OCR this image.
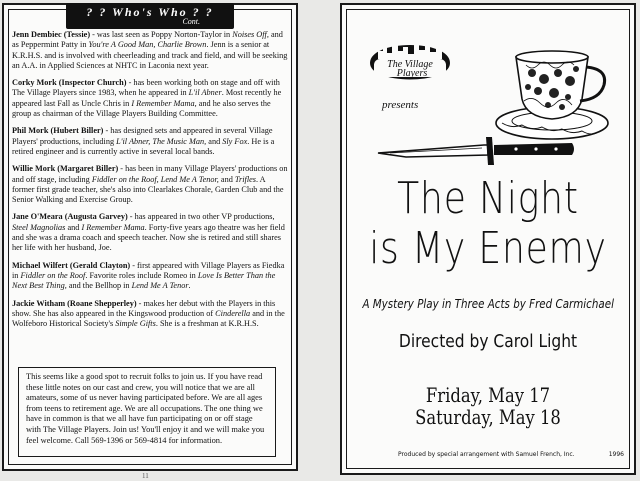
? ? Who's Who ? ?
Cont.

Jenn Dembiec (Tessie) - was last seen as Poppy Norton-Taylor in Noises Off, and as Peppermint Patty in You're A Good Man, Charlie Brown. Jenn is a senior at K.R.H.S. and is involved with cheerleading and track and field, and will be seeking an A.A. in Applied Sciences at NHTC in Laconia next year.

Corky Mork (Inspector Church) - has been working both on stage and off with The Village Players since 1983, when he appeared in L'il Abner. Most recently he appeared last Fall as Uncle Chris in I Remember Mama, and he also serves the group as chairman of the Village Players Building Committee.

Phil Mork (Hubert Biller) - has designed sets and appeared in several Village Players' productions, including L'il Abner, The Music Man, and Sly Fox. He is a retired engineer and is currently active in several local bands.

Willie Mork (Margaret Biller) - has been in many Village Players' productions on and off stage, including Fiddler on the Roof, Lend Me A Tenor, and Trifles. A former first grade teacher, she's also into Clearlakes Chorale, Garden Club and the Senior Walking and Exercise Group.

Jane O'Meara (Augusta Garvey) - has appeared in two other VP productions, Steel Magnolias and I Remember Mama. Forty-five years ago theatre was her field and she was a drama coach and speech teacher. Now she is retired and still shares her life with her husband, Joe.

Michael Wilfert (Gerald Clayton) - first appeared with Village Players as Fiedka in Fiddler on the Roof. Favorite roles include Romeo in Love Is Better Than the Next Best Thing, and the Bellhop in Lend Me A Tenor.

Jackie Witham (Roane Shepperley) - makes her debut with the Players in this show. She has also appeared in the Kingswood production of Cinderella and in the Wolfeboro Historical Society's Simple Gifts. She is a freshman at K.R.H.S.

This seems like a good spot to recruit folks to join us. If you have read these little notes on our cast and crew, you will notice that we are all amateurs, some of us never having participated before. We are all ages from teens to retirement age. We are all occupations. The one thing we have in common is that we all have fun participating on or off stage with The Village Players. Join us! You'll enjoy it and we will make you feel welcome. Call 569-1396 or 569-4814 for information.
11
The Village
Players
presents
The Night
is My Enemy
A Mystery Play in Three Acts by Fred Carmichael
Directed by Carol Light
Friday, May 17
Saturday, May 18
Produced by special arrangement with Samuel French, Inc.	1996
